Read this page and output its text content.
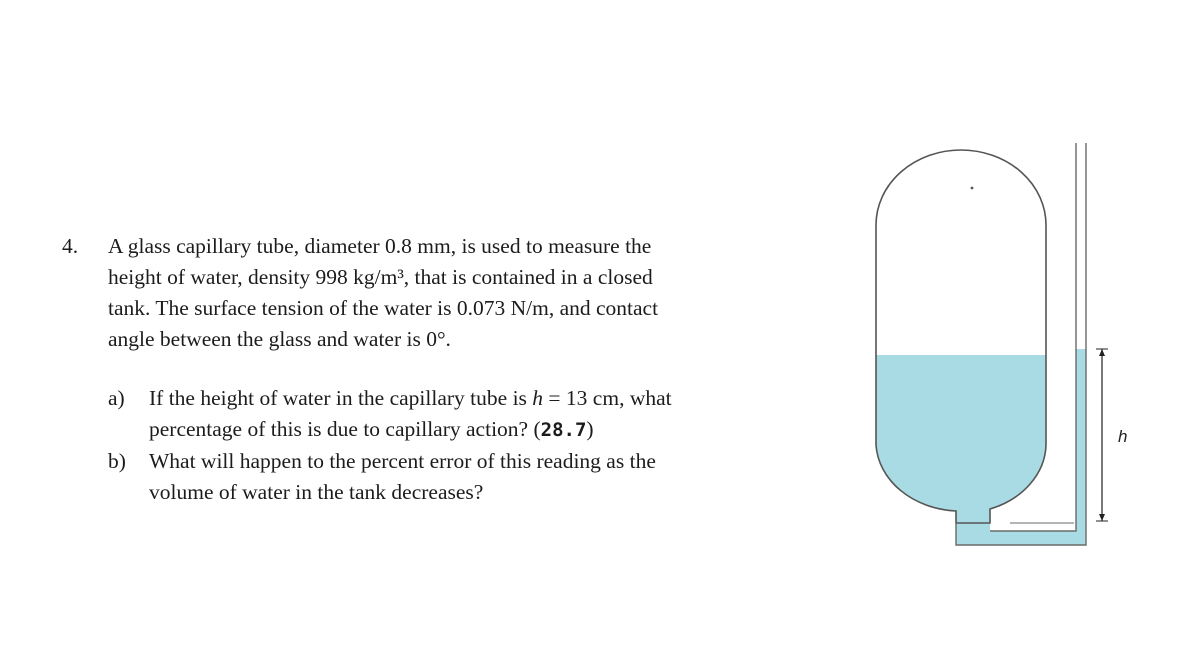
4. A glass capillary tube, diameter 0.8 mm, is used to measure the
height of water, density 998 kg/m³, that is contained in a closed
tank. The surface tension of the water is 0.073 N/m, and contact
angle between the glass and water is 0°.
a) If the height of water in the capillary tube is h = 13 cm, what
percentage of this is due to capillary action? (28.7)
b) What will happen to the percent error of this reading as the
volume of water in the tank decreases?
h
